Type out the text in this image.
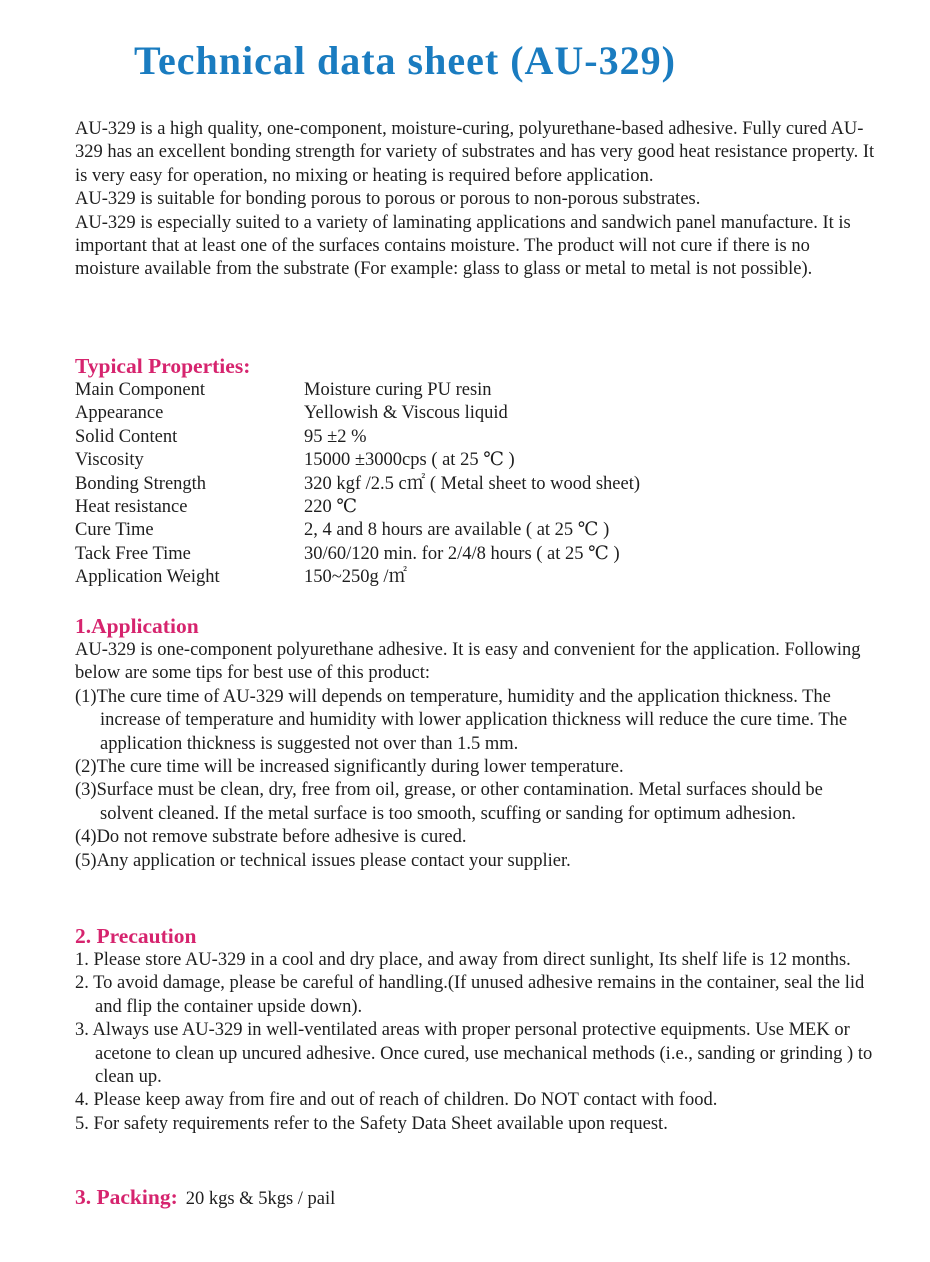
Technical data sheet (AU-329)

AU-329 is a high quality, one-component, moisture-curing, polyurethane-based adhesive. Fully cured AU-329 has an excellent bonding strength for variety of substrates and has very good heat resistance property. It is very easy for operation, no mixing or heating is required before application.

AU-329 is suitable for bonding porous to porous or porous to non-porous substrates.

AU-329 is especially suited to a variety of laminating applications and sandwich panel manufacture. It is important that at least one of the surfaces contains moisture. The product will not cure if there is no moisture available from the substrate (For example: glass to glass or metal to metal is not possible).

Typical Properties:
Main Component	Moisture curing PU resin
Appearance	Yellowish & Viscous liquid
Solid Content	95 ±2 %
Viscosity	15000 ±3000cps ( at 25 ℃ )
Bonding Strength	320 kgf /2.5 c㎡ ( Metal sheet to wood sheet)
Heat resistance	220 ℃
Cure Time	2, 4 and 8 hours are available ( at 25 ℃ )
Tack Free Time	30/60/120 min. for 2/4/8 hours ( at 25 ℃ )
Application Weight	150~250g /㎡
1.Application

AU-329 is one-component polyurethane adhesive. It is easy and convenient for the application. Following below are some tips for best use of this product:

(1)The cure time of AU-329 will depends on temperature, humidity and the application thickness. The increase of temperature and humidity with lower application thickness will reduce the cure time. The application thickness is suggested not over than 1.5 mm.
(2)The cure time will be increased significantly during lower temperature.
(3)Surface must be clean, dry, free from oil, grease, or other contamination. Metal surfaces should be solvent cleaned. If the metal surface is too smooth, scuffing or sanding for optimum adhesion.
(4)Do not remove substrate before adhesive is cured.
(5)Any application or technical issues please contact your supplier.
2. Precaution
1. Please store AU-329 in a cool and dry place, and away from direct sunlight, Its shelf life is 12 months.
2. To avoid damage, please be careful of handling.(If unused adhesive remains in the container, seal the lid and flip the container upside down).
3. Always use AU-329 in well-ventilated areas with proper personal protective equipments. Use MEK or acetone to clean up uncured adhesive. Once cured, use mechanical methods (i.e., sanding or grinding ) to clean up.
4. Please keep away from fire and out of reach of children. Do NOT contact with food.
5. For safety requirements refer to the Safety Data Sheet available upon request.
3. Packing: 20 kgs & 5kgs / pail
